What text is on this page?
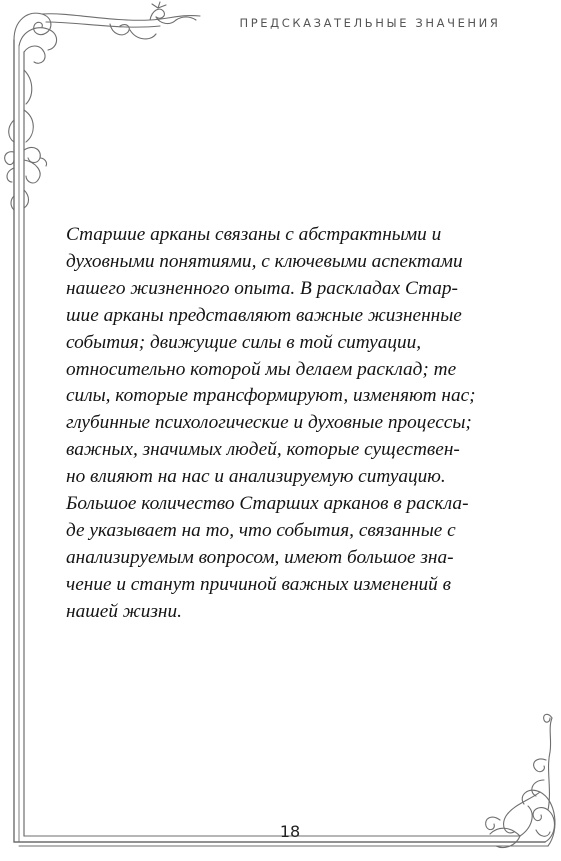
ПРЕДСКАЗАТЕЛЬНЫЕ ЗНАЧЕНИЯ

Старшие арканы связаны с абстрактными и
духовными понятиями, с ключевыми аспектами
нашего жизненного опыта. В раскладах Стар-
шие арканы представляют важные жизненные
события; движущие силы в той ситуации,
относительно которой мы делаем расклад; те
силы, которые трансформируют, изменяют нас;
глубинные психологические и духовные процессы;
важных, значимых людей, которые существен-
но влияют на нас и анализируемую ситуацию.
Большое количество Старших арканов в раскла-
де указывает на то, что события, связанные с
анализируемым вопросом, имеют большое зна-
чение и станут причиной важных изменений в
нашей жизни.

18
